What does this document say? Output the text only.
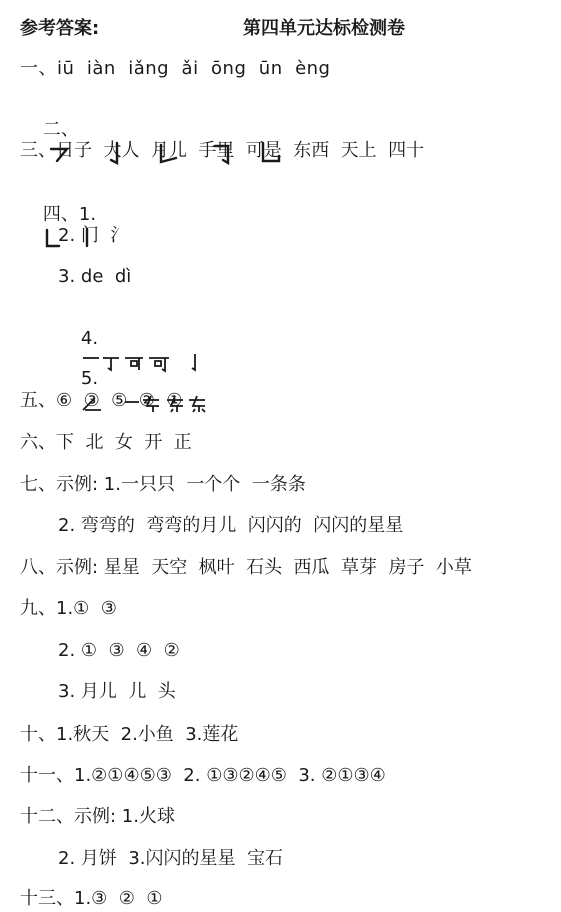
参考答案:	第四单元达标检测卷
一、iū  iàn  iǎng  ǎi  ōng  ūn  èng

二、

三、日子  大人  月儿  手里  可是  东西  天上  四十

四、1.

2. 门  氵
3. de  dì

4.

5.

五、⑥  ③  ⑤  ②  ①
六、下  北  女  开  正
七、示例: 1.一只只  一个个  一条条
2. 弯弯的  弯弯的月儿  闪闪的  闪闪的星星
八、示例: 星星  天空  枫叶  石头  西瓜  草芽  房子  小草
九、1.①  ③
2. ①  ③  ④  ②
3. 月儿  儿  头
十、1.秋天  2.小鱼  3.莲花
十一、1.②①④⑤③  2. ①③②④⑤  3. ②①③④
十二、示例: 1.火球
2. 月饼  3.闪闪的星星  宝石
十三、1.③  ②  ①
